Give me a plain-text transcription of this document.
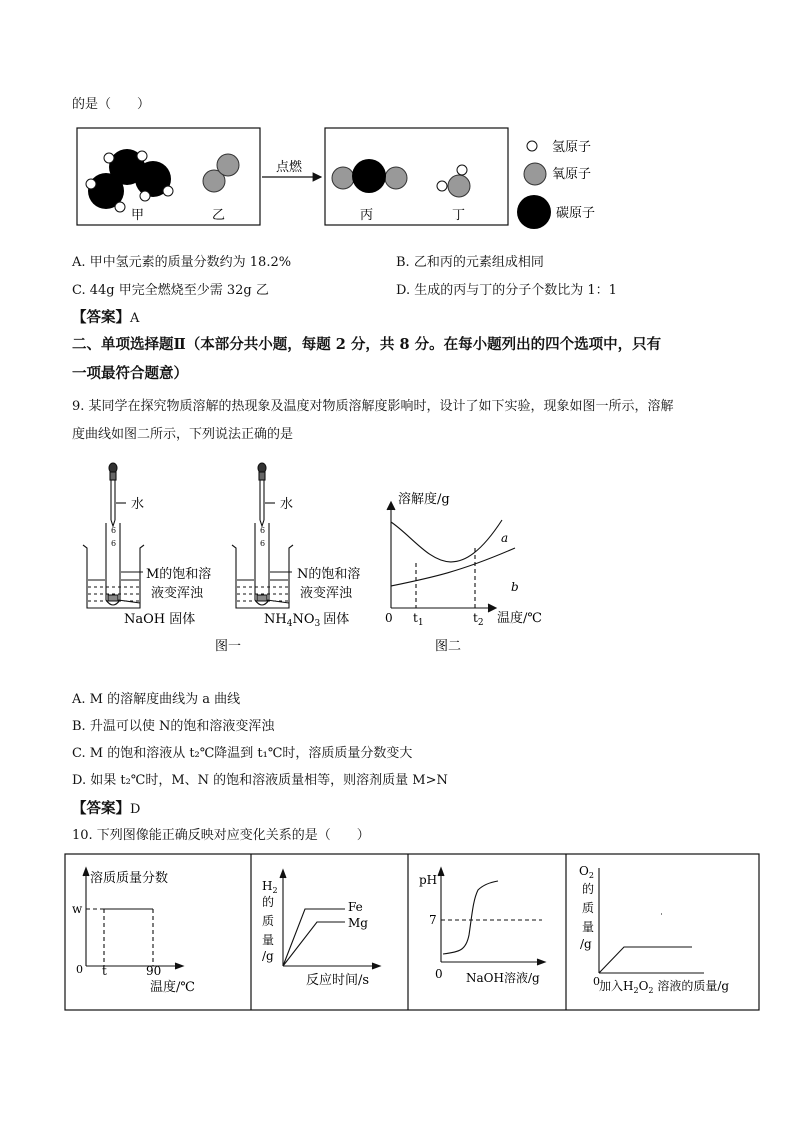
的是（　　）
点燃
甲	乙	丙	丁
氢原子
氧原子
碳原子
A. 甲中氢元素的质量分数约为 18.2%	B. 乙和丙的元素组成相同
C. 44g 甲完全燃烧至少需 32g 乙	D. 生成的丙与丁的分子个数比为 1：1
【答案】A
二、单项选择题Ⅱ（本部分共小题，每题 2 分，共 8 分。在每小题列出的四个选项中，只有
一项最符合题意）
9. 某同学在探究物质溶解的热现象及温度对物质溶解度影响时，设计了如下实验，现象如图一所示，溶解
度曲线如图二所示，下列说法正确的是
6
6
水
M的饱和溶
液变浑浊
NaOH 固体
6
6
水
N的饱和溶
液变浑浊
$NH_4NO_3$ 固体
图一
溶解度/g
0 $t_1$	$t_2$ 温度/℃
a
b
图二
A. M 的溶解度曲线为 a 曲线
B. 升温可以使 N的饱和溶液变浑浊
C. M 的饱和溶液从 t₂℃降温到 t₁℃时，溶质质量分数变大
D. 如果 t₂℃时，M、N 的饱和溶液质量相等，则溶剂质量 M>N
【答案】D
10. 下列图像能正确反映对应变化关系的是（　　）
溶质质量分数
w
0 t	90
温度/℃
$H_2$
的
质
量
/g
Fe
Mg
反应时间/s
pH
7
0 NaOH溶液/g
$O_2$
的
质
量
/g
0 加入$H_2O_2$ 溶液的质量/g
